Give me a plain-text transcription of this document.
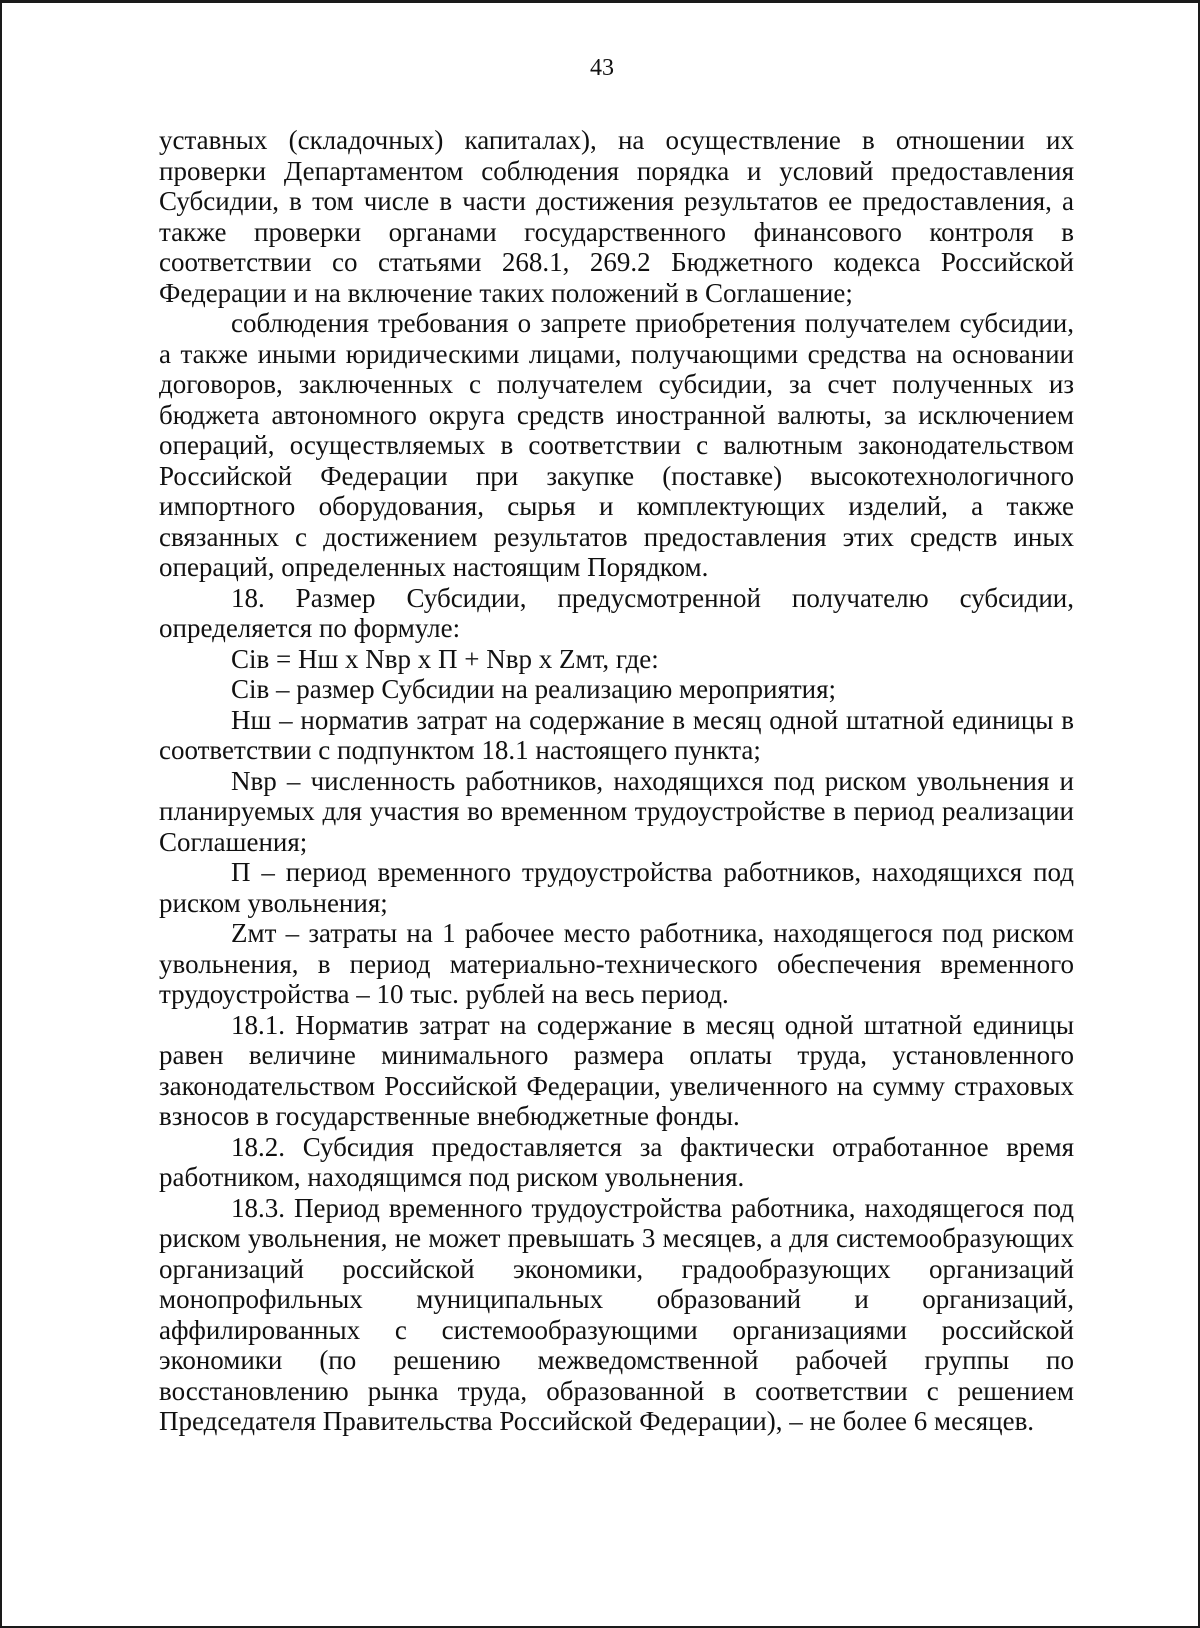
43

уставных (складочных) капиталах), на осуществление в отношении их проверки Департаментом соблюдения порядка и условий предоставления Субсидии, в том числе в части достижения результатов ее предоставления, а также проверки органами государственного финансового контроля в соответствии со статьями 268.1, 269.2 Бюджетного кодекса Российской Федерации и на включение таких положений в Соглашение;

соблюдения требования о запрете приобретения получателем субсидии, а также иными юридическими лицами, получающими средства на основании договоров, заключенных с получателем субсидии, за счет полученных из бюджета автономного округа средств иностранной валюты, за исключением операций, осуществляемых в соответствии с валютным законодательством Российской Федерации при закупке (поставке) высокотехнологичного импортного оборудования, сырья и комплектующих изделий, а также связанных с достижением результатов предоставления этих средств иных операций, определенных настоящим Порядком.

18. Размер Субсидии, предусмотренной получателю субсидии, определяется по формуле:

Сiв = Нш х Nвр х П + Nвр х Zмт, где:

Сiв – размер Субсидии на реализацию мероприятия;

Нш – норматив затрат на содержание в месяц одной штатной единицы в соответствии с подпунктом 18.1 настоящего пункта;

Nвр – численность работников, находящихся под риском увольнения и планируемых для участия во временном трудоустройстве в период реализации Соглашения;

П – период временного трудоустройства работников, находящихся под риском увольнения;

Zмт – затраты на 1 рабочее место работника, находящегося под риском увольнения, в период материально-технического обеспечения временного трудоустройства – 10 тыс. рублей на весь период.

18.1. Норматив затрат на содержание в месяц одной штатной единицы равен величине минимального размера оплаты труда, установленного законодательством Российской Федерации, увеличенного на сумму страховых взносов в государственные внебюджетные фонды.

18.2. Субсидия предоставляется за фактически отработанное время работником, находящимся под риском увольнения.

18.3. Период временного трудоустройства работника, находящегося под риском увольнения, не может превышать 3 месяцев, а для системообразующих организаций российской экономики, градообразующих организаций монопрофильных муниципальных образований и организаций, аффилированных с системообразующими организациями российской экономики (по решению межведомственной рабочей группы по восстановлению рынка труда, образованной в соответствии с решением Председателя Правительства Российской Федерации), – не более 6 месяцев.
